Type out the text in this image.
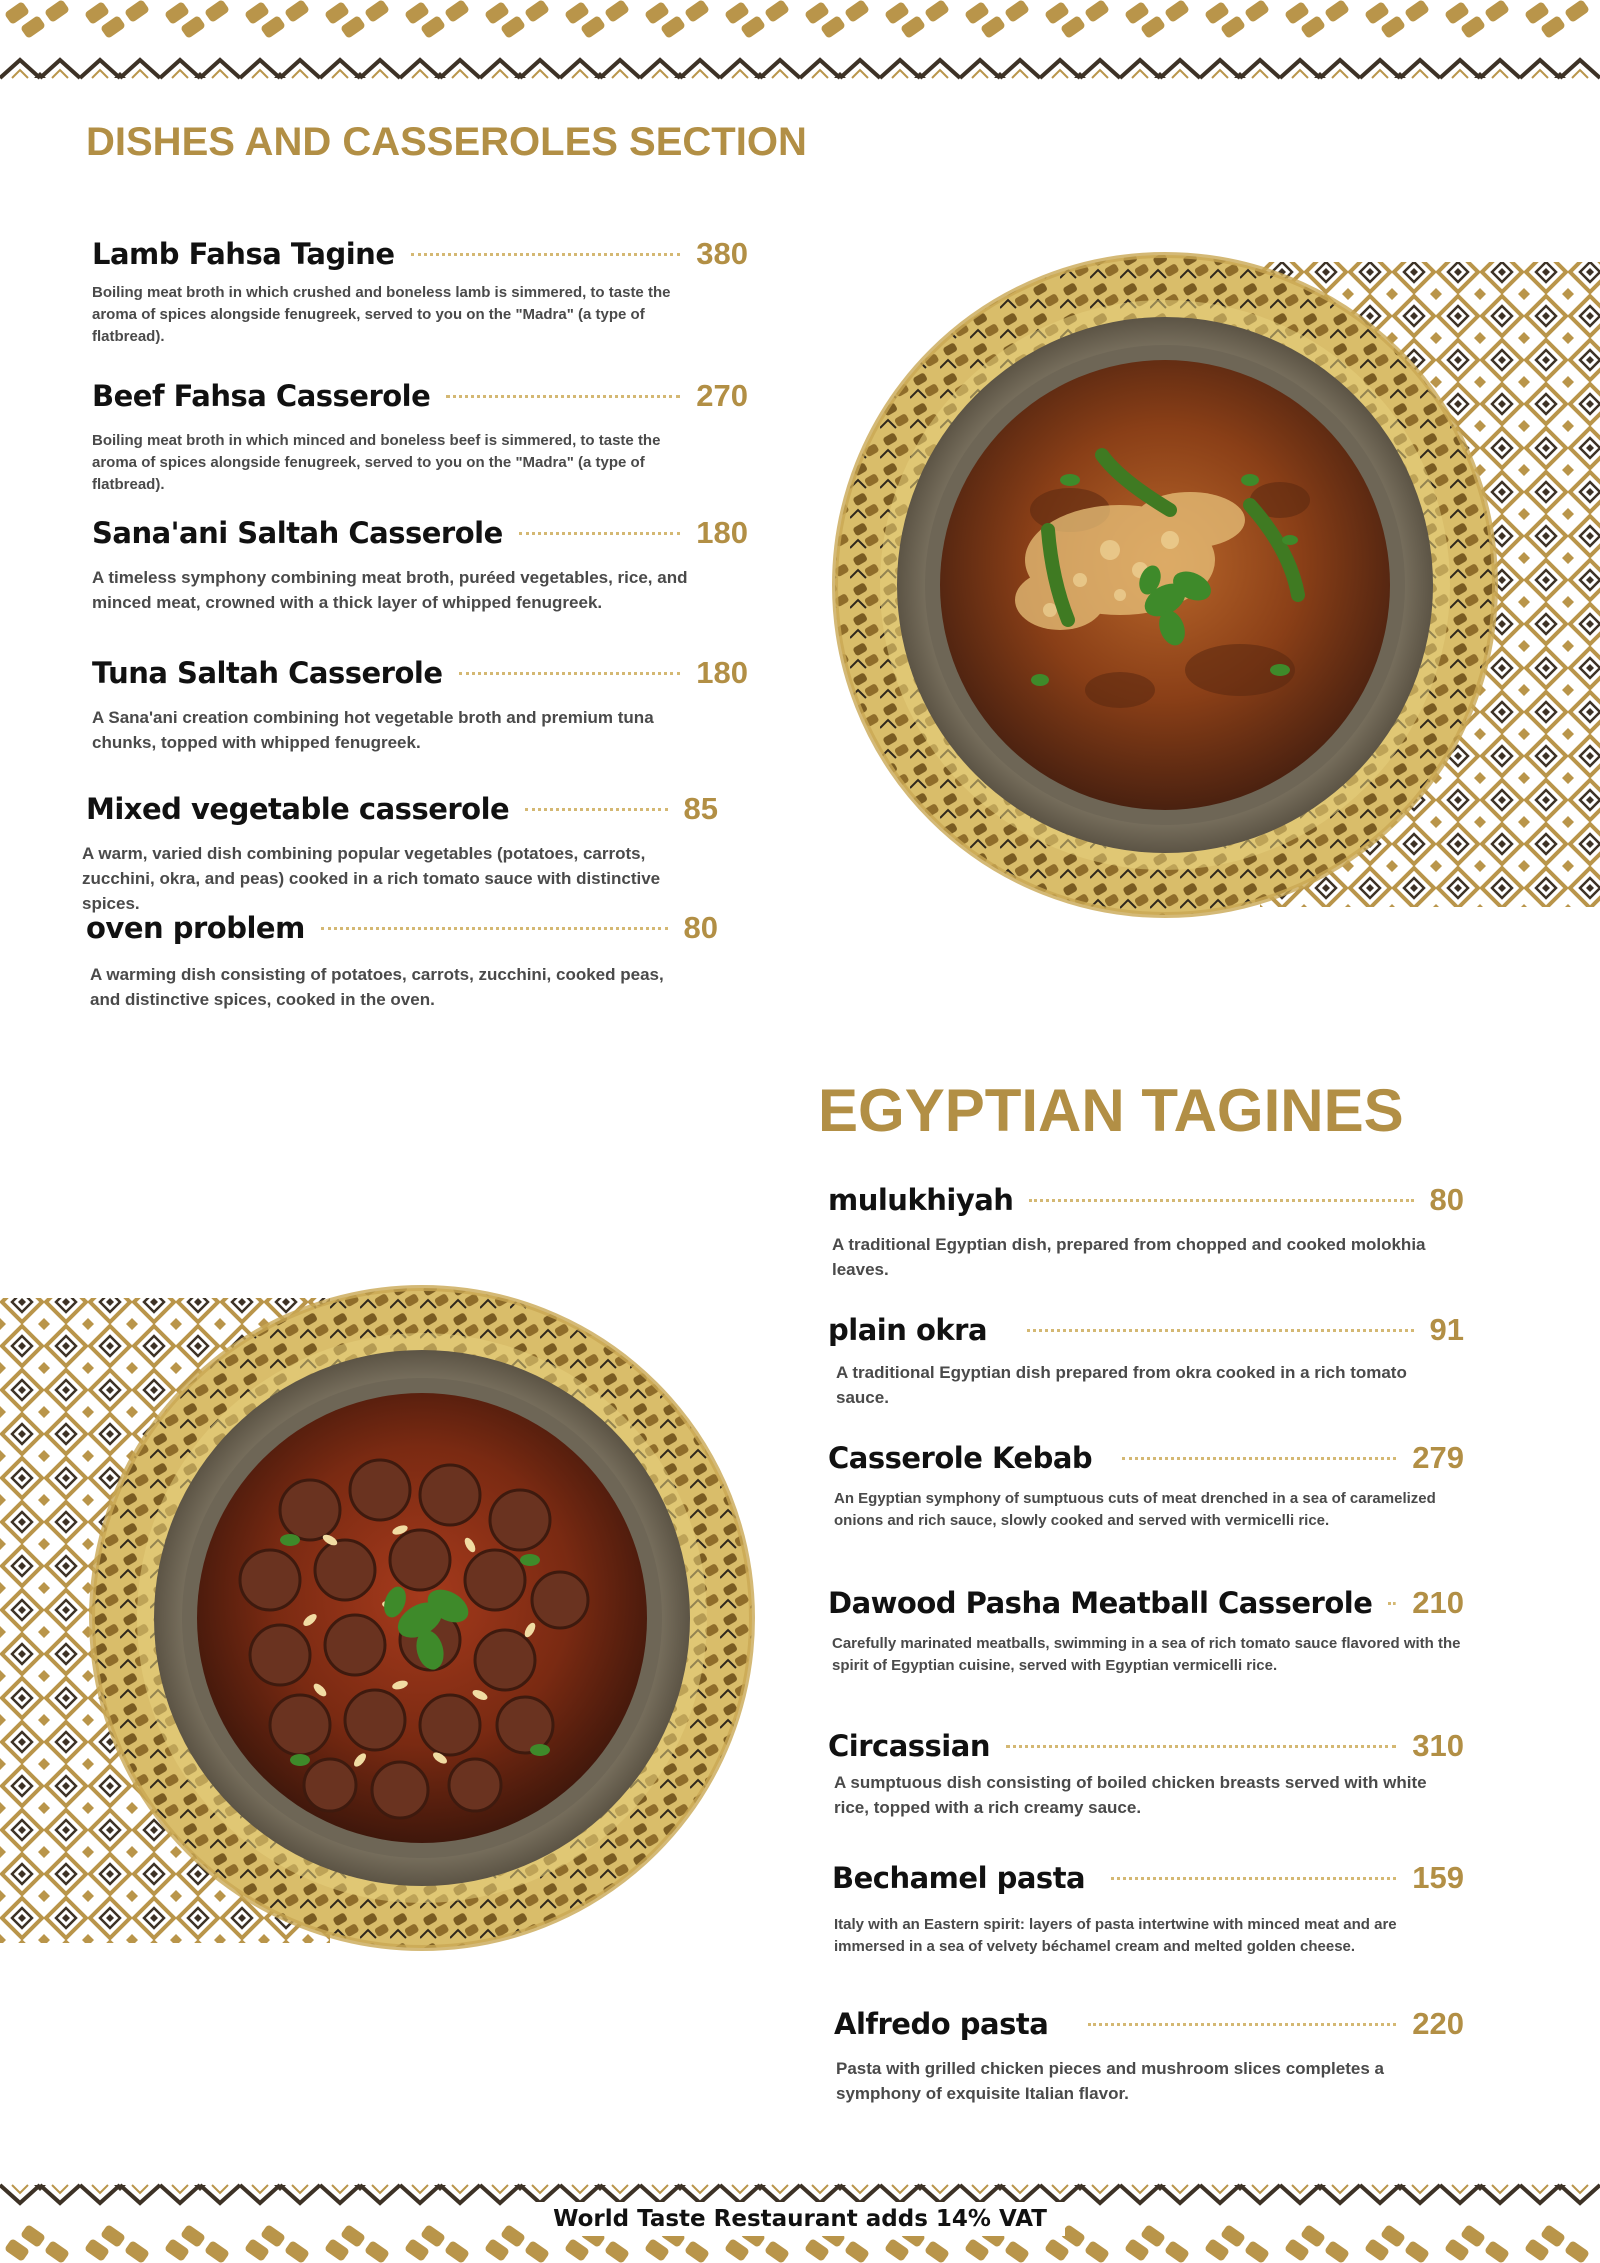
DISHES AND CASSEROLES SECTION
Lamb Fahsa Tagine	380

Boiling meat broth in which crushed and boneless lamb is simmered, to taste the aroma of spices alongside fenugreek, served to you on the "Madra" (a type of flatbread).

Beef Fahsa Casserole	270

Boiling meat broth in which minced and boneless beef is simmered, to taste the aroma of spices alongside fenugreek, served to you on the "Madra" (a type of flatbread).

Sana'ani Saltah Casserole	180

A timeless symphony combining meat broth, puréed vegetables, rice, and minced meat, crowned with a thick layer of whipped fenugreek.

Tuna Saltah Casserole	180

A Sana'ani creation combining hot vegetable broth and premium tuna chunks, topped with whipped fenugreek.

Mixed vegetable casserole	85

A warm, varied dish combining popular vegetables (potatoes, carrots, zucchini, okra, and peas) cooked in a rich tomato sauce with distinctive spices.

oven problem	80

A warming dish consisting of potatoes, carrots, zucchini, cooked peas, and distinctive spices, cooked in the oven.

EGYPTIAN TAGINES
mulukhiyah	80

A traditional Egyptian dish, prepared from chopped and cooked molokhia leaves.

plain okra	91

A traditional Egyptian dish prepared from okra cooked in a rich tomato sauce.

Casserole Kebab	279

An Egyptian symphony of sumptuous cuts of meat drenched in a sea of caramelized onions and rich sauce, slowly cooked and served with vermicelli rice.

Dawood Pasha Meatball Casserole 210

Carefully marinated meatballs, swimming in a sea of rich tomato sauce flavored with the spirit of Egyptian cuisine, served with Egyptian vermicelli rice.

Circassian	310

A sumptuous dish consisting of boiled chicken breasts served with white rice, topped with a rich creamy sauce.

Bechamel pasta	159

Italy with an Eastern spirit: layers of pasta intertwine with minced meat and are immersed in a sea of velvety béchamel cream and melted golden cheese.

Alfredo pasta	220

Pasta with grilled chicken pieces and mushroom slices completes a symphony of exquisite Italian flavor.

World Taste Restaurant adds 14% VAT
